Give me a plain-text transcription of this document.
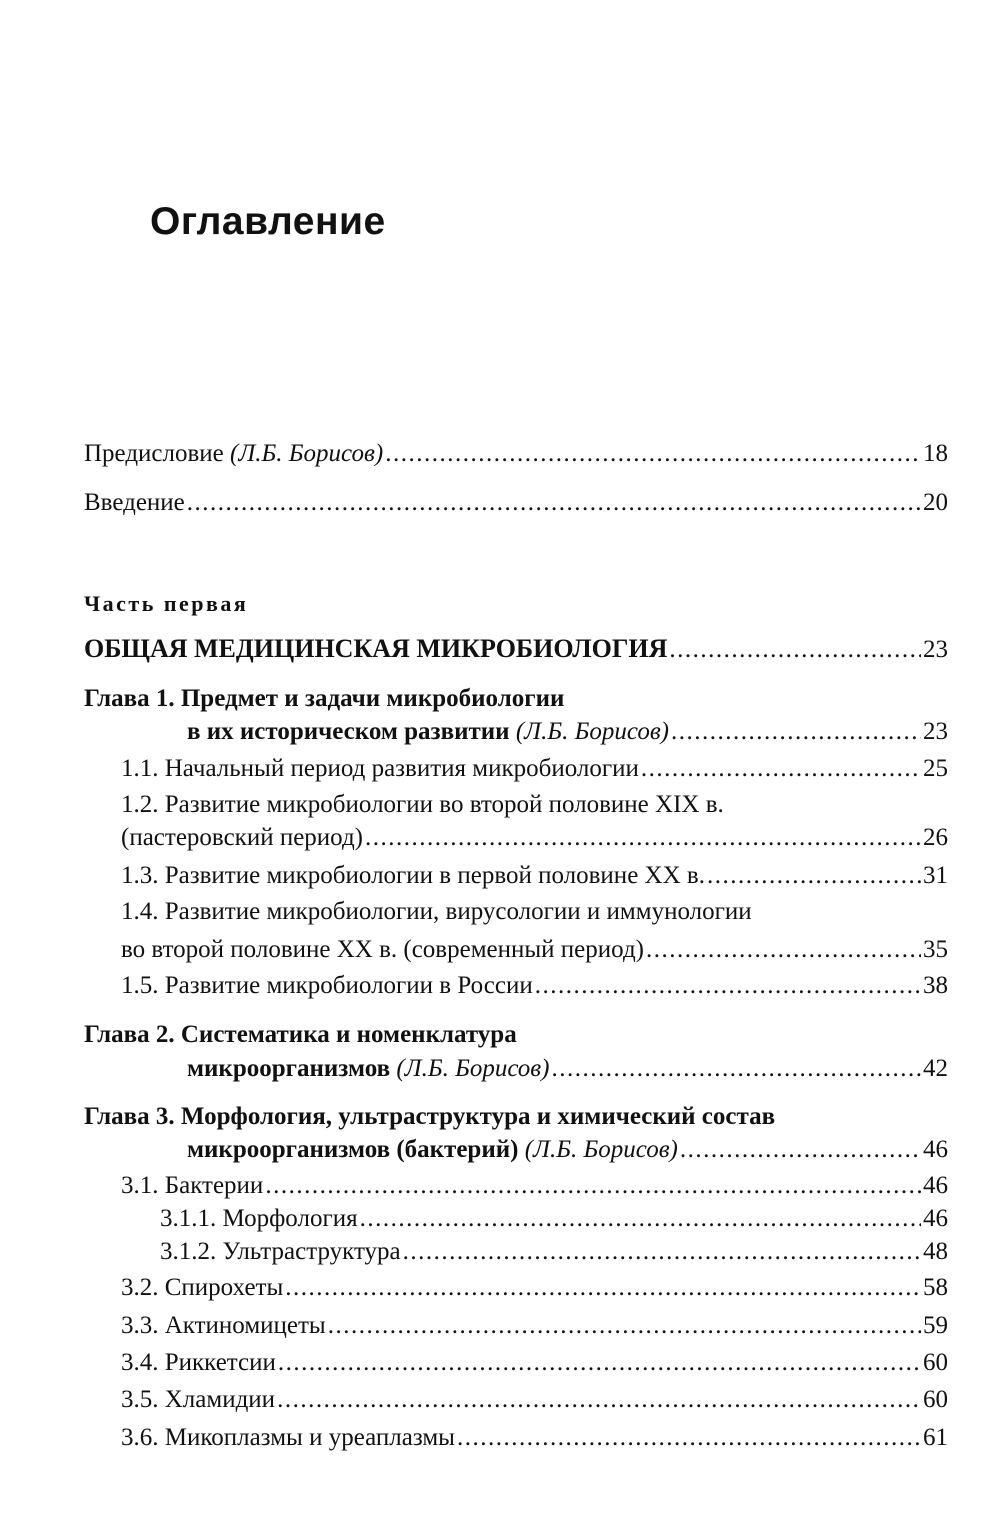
Оглавление
Предисловие (Л.Б. Борисов) .....	18
Введение .....	20
Часть первая
ОБЩАЯ МЕДИЦИНСКАЯ МИКРОБИОЛОГИЯ .....	23
Глава 1. Предмет и задачи микробиологии
в их историческом развитии (Л.Б. Борисов) .....	23
1.1. Начальный период развития микробиологии .....	25
1.2. Развитие микробиологии во второй половине XIX в.
(пастеровский период) .....	26
1.3. Развитие микробиологии в первой половине XX в. .....	31
1.4. Развитие микробиологии, вирусологии и иммунологии
во второй половине XX в. (современный период) .....	35
1.5. Развитие микробиологии в России .....	38
Глава 2. Систематика и номенклатура
микроорганизмов (Л.Б. Борисов) .....	42
Глава 3. Морфология, ультраструктура и химический состав
микроорганизмов (бактерий) (Л.Б. Борисов) .....	46
3.1. Бактерии .....	46
3.1.1. Морфология .....	46
3.1.2. Ультраструктура .....	48
3.2. Спирохеты .....	58
3.3. Актиномицеты .....	59
3.4. Риккетсии .....	60
3.5. Хламидии .....	60
3.6. Микоплазмы и уреаплазмы .....	61
